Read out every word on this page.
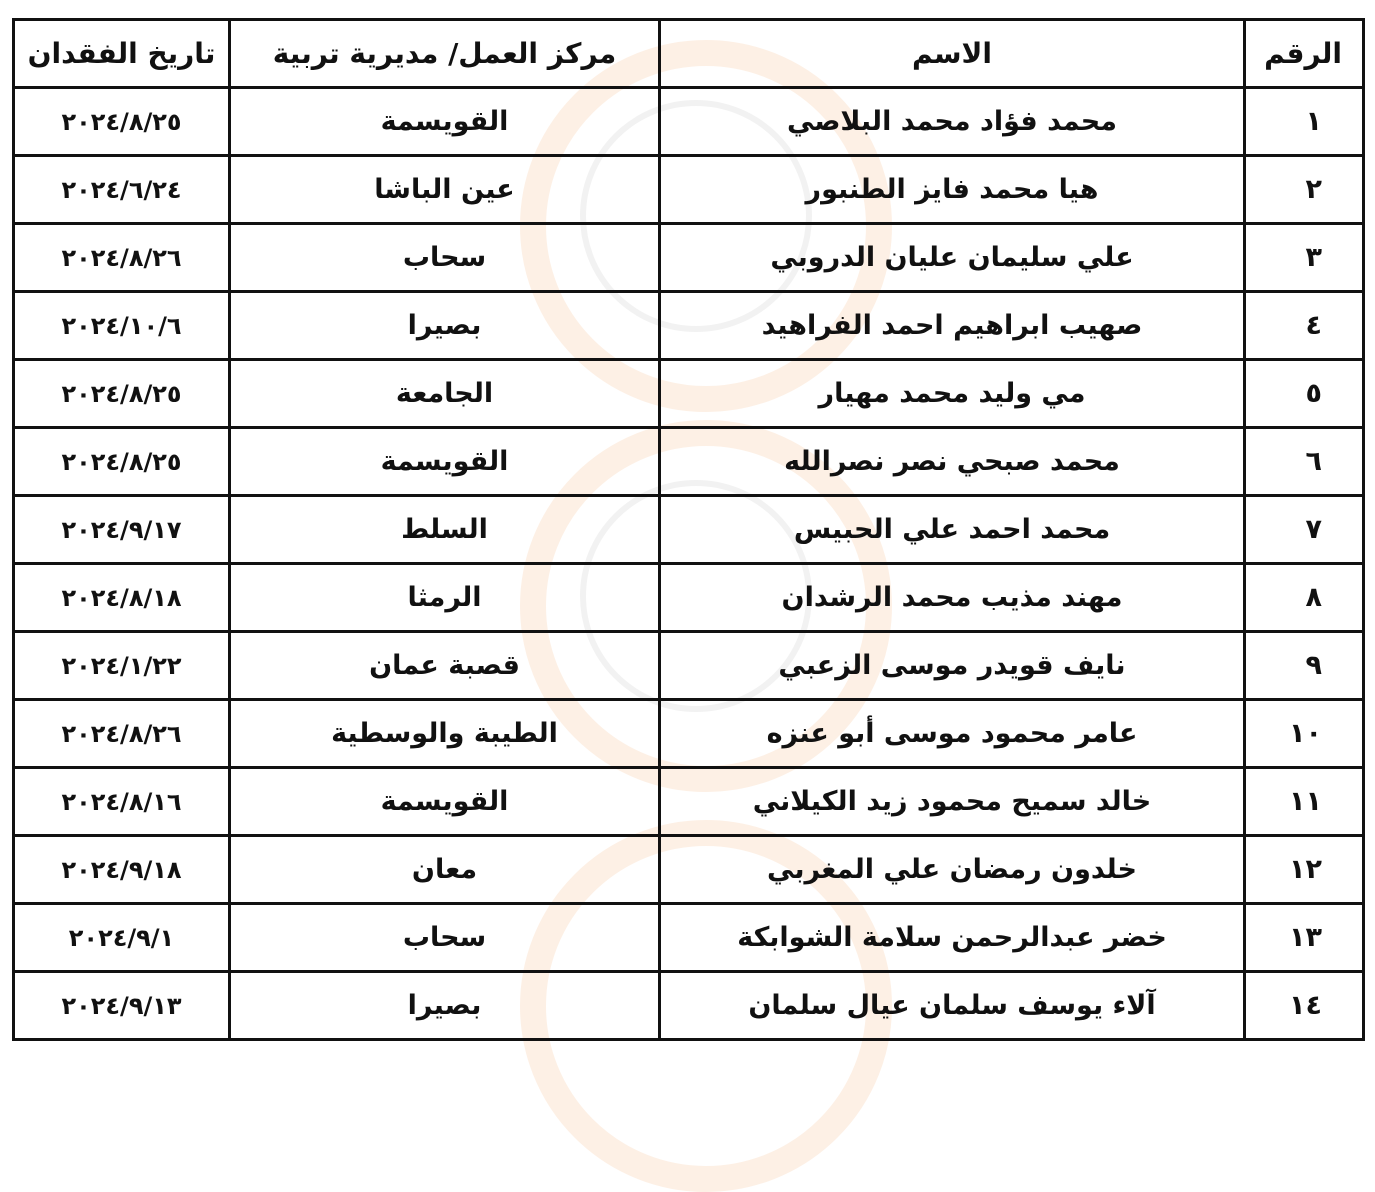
الرقم	الاسم	مركز العمل/ مديرية تربية	تاريخ الفقدان
١	محمد فؤاد محمد البلاصي	القويسمة	٢٠٢٤/٨/٢٥
٢	هيا محمد فايز الطنبور	عين الباشا	٢٠٢٤/٦/٢٤
٣	علي سليمان عليان الدروبي	سحاب	٢٠٢٤/٨/٢٦
٤	صهيب ابراهيم احمد الفراهيد	بصيرا	٢٠٢٤/١٠/٦
٥	مي وليد محمد مهيار	الجامعة	٢٠٢٤/٨/٢٥
٦	محمد صبحي نصر نصرالله	القويسمة	٢٠٢٤/٨/٢٥
٧	محمد احمد علي الحبيس	السلط	٢٠٢٤/٩/١٧
٨	مهند مذيب محمد الرشدان	الرمثا	٢٠٢٤/٨/١٨
٩	نايف قويدر موسى الزعبي	قصبة عمان	٢٠٢٤/١/٢٢
١٠	عامر محمود موسى أبو عنزه	الطيبة والوسطية	٢٠٢٤/٨/٢٦
١١	خالد سميح محمود زيد الكيلاني	القويسمة	٢٠٢٤/٨/١٦
١٢	خلدون رمضان علي المغربي	معان	٢٠٢٤/٩/١٨
١٣	خضر عبدالرحمن سلامة الشوابكة	سحاب	٢٠٢٤/٩/١
١٤	آلاء يوسف سلمان عيال سلمان	بصيرا	٢٠٢٤/٩/١٣
